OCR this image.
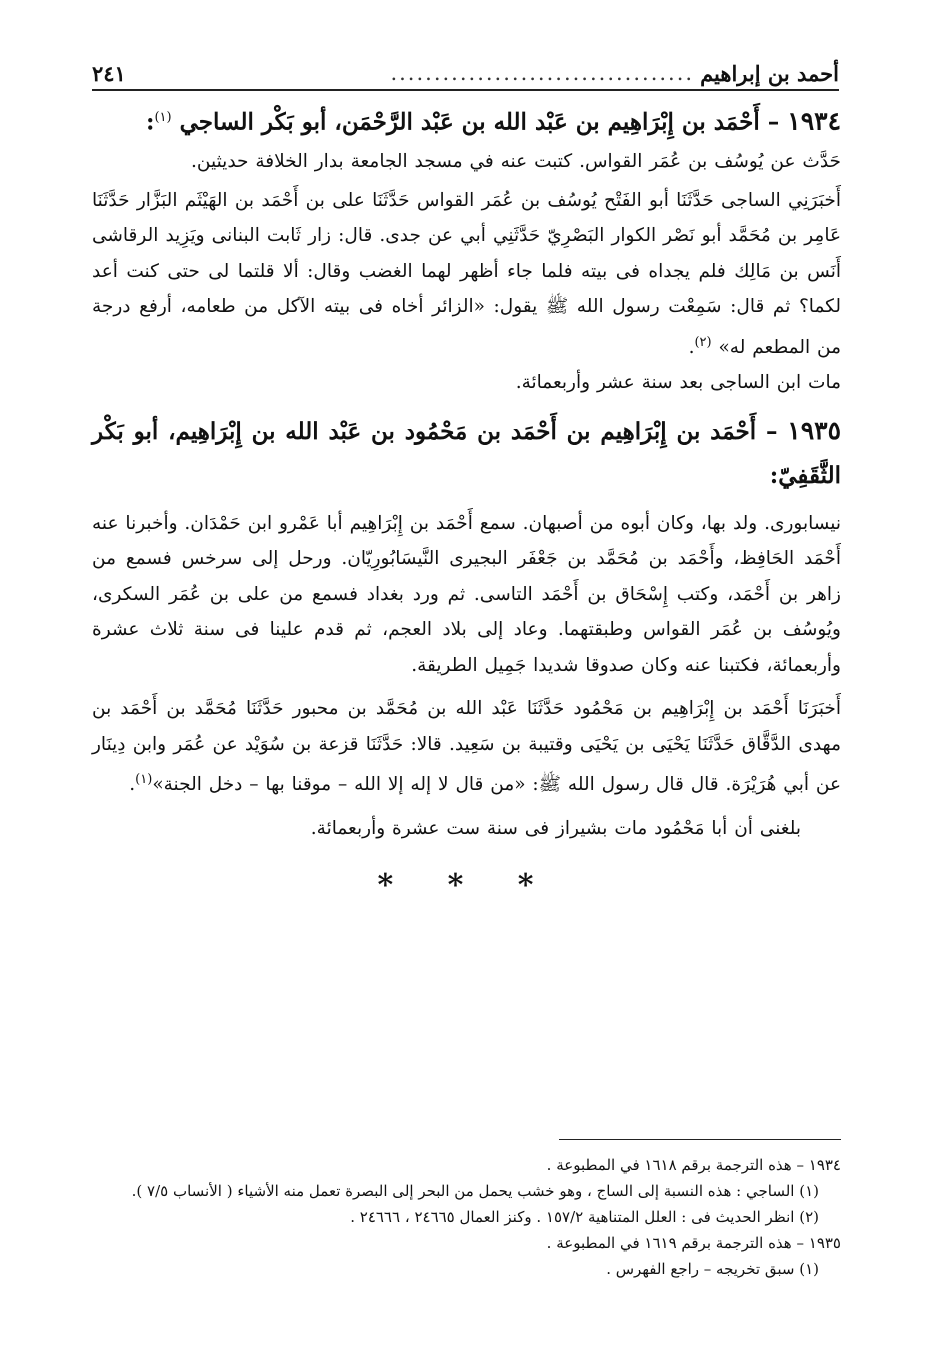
أحمد بن إبراهيم
...................................
٢٤١

١٩٣٤ – أَحْمَد بن إِبْرَاهِيم بن عَبْد الله بن عَبْد الرَّحْمَن، أبو بَكْر الساجي $^{(١)}$:

حَدَّث عن يُوسُف بن عُمَر القواس. كتبت عنه في مسجد الجامعة بدار الخلافة حديثين.

أَخبَرَنِي الساجى حَدَّثَنَا أبو الفَتْح يُوسُف بن عُمَر القواس حَدَّثَنَا على بن أَحْمَد بن الهَيْثَم البَزَّار حَدَّثَنَا عَامِر بن مُحَمَّد أبو نَصْر الكوار البَصْرِيّ حَدَّثَنِي أبي عن جدى. قال: زار ثَابت البنانى ويَزِيد الرقاشى أَنَس بن مَالِك فلم يجداه فى بيته فلما جاء أظهر لهما الغضب وقال: ألا قلتما لى حتى كنت أعد لكما؟ ثم قال: سَمِعْت رسول الله ﷺ يقول: «الزائر أخاه فى بيته الآكل من طعامه، أرفع درجة من المطعم له» $^{(٢)}$.

مات ابن الساجى بعد سنة عشر وأربعمائة.

١٩٣٥ – أَحْمَد بن إِبْرَاهِيم بن أَحْمَد بن مَحْمُود بن عَبْد الله بن إِبْرَاهِيم، أبو بَكْر الثَّقَفِيّ:

نيسابورى. ولد بها، وكان أبوه من أصبهان. سمع أَحْمَد بن إِبْرَاهِيم أبا عَمْرو ابن حَمْدَان. وأخبرنا عنه أَحْمَد الحَافِظ، وأَحْمَد بن مُحَمَّد بن جَعْفَر البجيرى النَّيسَابُورِيّان. ورحل إلى سرخس فسمع من زاهر بن أَحْمَد، وكتب إِسْحَاق بن أَحْمَد التاسى. ثم ورد بغداد فسمع من على بن عُمَر السكرى، ويُوسُف بن عُمَر القواس وطبقتهما. وعاد إلى بلاد العجم، ثم قدم علينا فى سنة ثلاث عشرة وأربعمائة، فكتبنا عنه وكان صدوقا شديدا جَمِيل الطريقة.

أَخبَرَنَا أَحْمَد بن إِبْرَاهِيم بن مَحْمُود حَدَّثَنَا عَبْد الله بن مُحَمَّد بن محبور حَدَّثَنَا مُحَمَّد بن أَحْمَد بن مهدى الدَّقَّاق حَدَّثَنَا يَحْيَى بن يَحْيَى وقتيبة بن سَعِيد. قالا: حَدَّثَنَا قزعة بن سُوَيْد عن عُمَر وابن دِينَار عن أبي هُرَيْرَة. قال قال رسول الله ﷺ: «من قال لا إله إلا الله – موقنا بها – دخل الجنة»$^{(١)}$.

بلغنى أن أبا مَحْمُود مات بشيراز فى سنة ست عشرة وأربعمائة.

* * *

١٩٣٤ – هذه الترجمة برقم ١٦١٨ في المطبوعة .

(١) الساجي : هذه النسبة إلى الساج ، وهو خشب يحمل من البحر إلى البصرة تعمل منه الأشياء ( الأنساب ٧/٥ ).

(٢) انظر الحديث فى : العلل المتناهية ١٥٧/٢ . وكنز العمال ٢٤٦٦٥ ، ٢٤٦٦٦ .

١٩٣٥ – هذه الترجمة برقم ١٦١٩ في المطبوعة .

(١) سبق تخريجه – راجع الفهرس .
